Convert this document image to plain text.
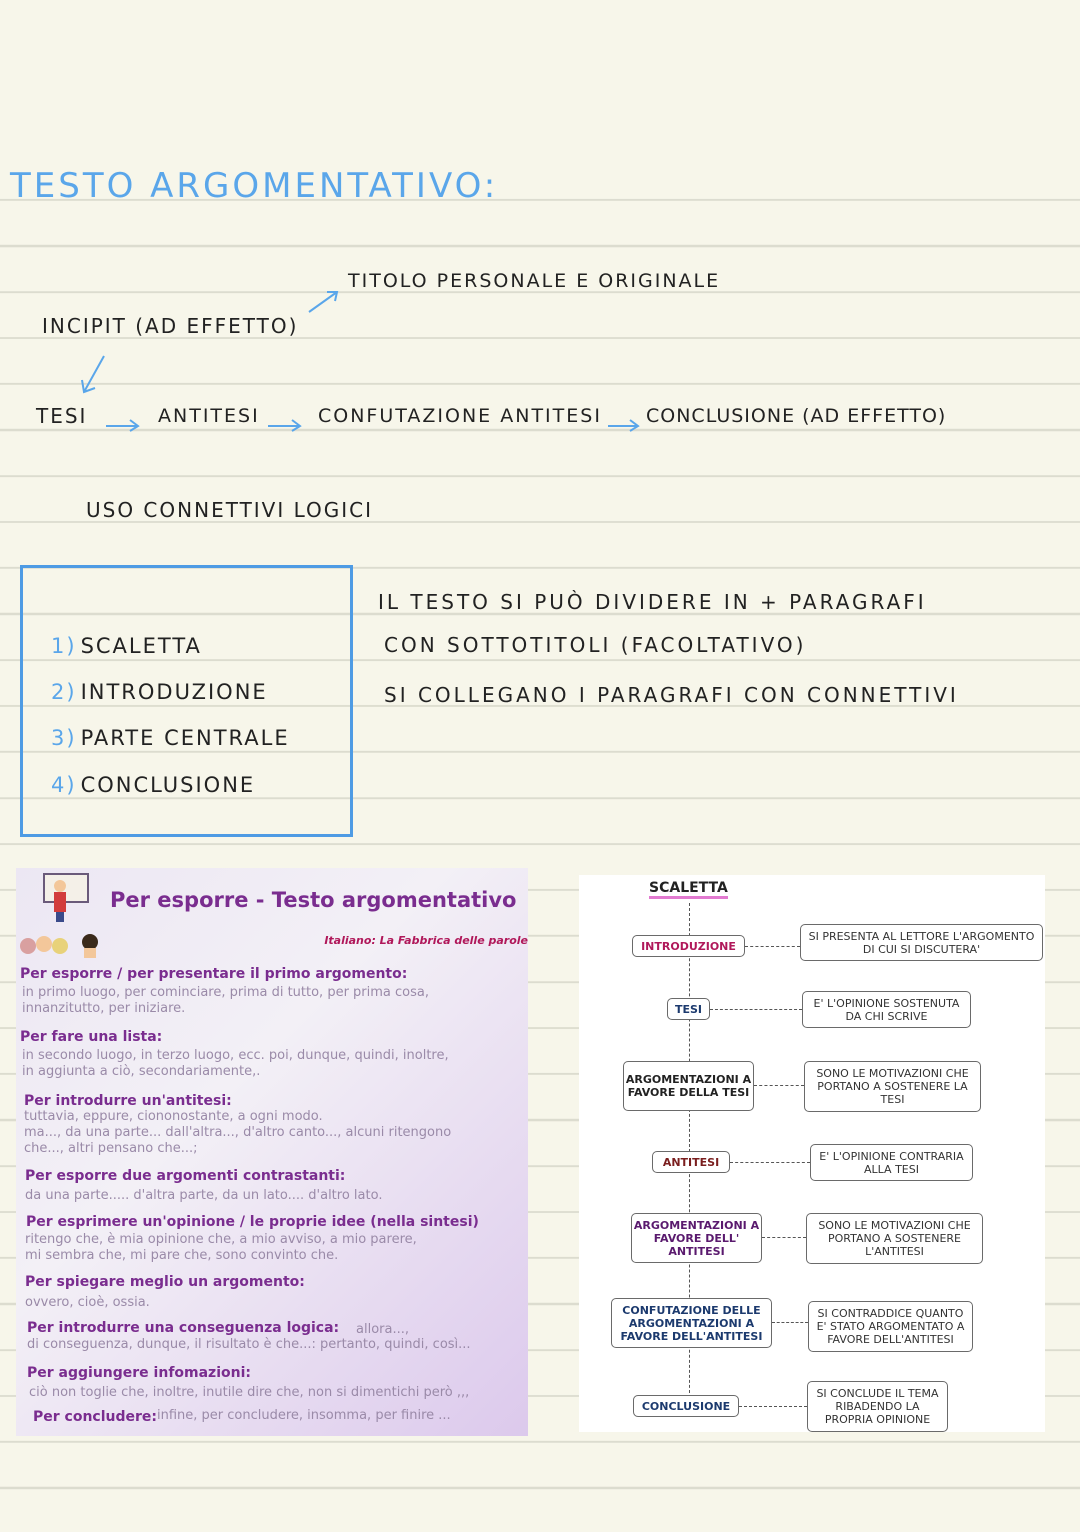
TESTO ARGOMENTATIVO:
TITOLO PERSONALE E ORIGINALE
INCIPIT (AD EFFETTO)
TESI	ANTITESI	CONFUTAZIONE ANTITESI CONCLUSIONE (AD EFFETTO)
USO CONNETTIVI LOGICI
1) SCALETTA
2) INTRODUZIONE
3) PARTE CENTRALE
4) CONCLUSIONE
IL TESTO SI PUÒ DIVIDERE IN + PARAGRAFI
CON SOTTOTITOLI (FACOLTATIVO)
SI COLLEGANO I PARAGRAFI CON CONNETTIVI
Per esporre - Testo argomentativo
Italiano: La Fabbrica delle parole
Per esporre / per presentare il primo argomento:
in primo luogo, per cominciare, prima di tutto, per prima cosa,
innanzitutto, per iniziare.
Per fare una lista:
in secondo luogo, in terzo luogo, ecc. poi, dunque, quindi, inoltre,
in aggiunta a ciò, secondariamente,.
Per introdurre un'antitesi:
tuttavia, eppure, ciononostante, a ogni modo.
ma..., da una parte... dall'altra..., d'altro canto..., alcuni ritengono
che..., altri pensano che...;
Per esporre due argomenti contrastanti:
da una parte..... d'altra parte, da un lato.... d'altro lato.
Per esprimere un'opinione / le proprie idee (nella sintesi)
ritengo che, è mia opinione che, a mio avviso, a mio parere,
mi sembra che, mi pare che, sono convinto che.
Per spiegare meglio un argomento:
ovvero, cioè, ossia.
Per introdurre una conseguenza logica: allora...,
di conseguenza, dunque, il risultato è che...: pertanto, quindi, così...
Per aggiungere infomazioni:
ciò non toglie che, inoltre, inutile dire che, non si dimentichi però ,,,
Per concludere: infine, per concludere, insomma, per finire ...
SCALETTA
INTRODUZIONE
SI PRESENTA AL LETTORE L'ARGOMENTO DI CUI SI DISCUTERA'
TESI	E' L'OPINIONE SOSTENUTA DA CHI SCRIVE
ARGOMENTAZIONI A FAVORE DELLA TESI
SONO LE MOTIVAZIONI CHE PORTANO A SOSTENERE LA TESI
ANTITESI	E' L'OPINIONE CONTRARIA ALLA TESI
ARGOMENTAZIONI A FAVORE DELL' ANTITESI
SONO LE MOTIVAZIONI CHE PORTANO A SOSTENERE L'ANTITESI
CONFUTAZIONE DELLE ARGOMENTAZIONI A FAVORE DELL'ANTITESI
SI CONTRADDICE QUANTO E' STATO ARGOMENTATO A FAVORE DELL'ANTITESI
CONCLUSIONE
SI CONCLUDE IL TEMA RIBADENDO LA PROPRIA OPINIONE
